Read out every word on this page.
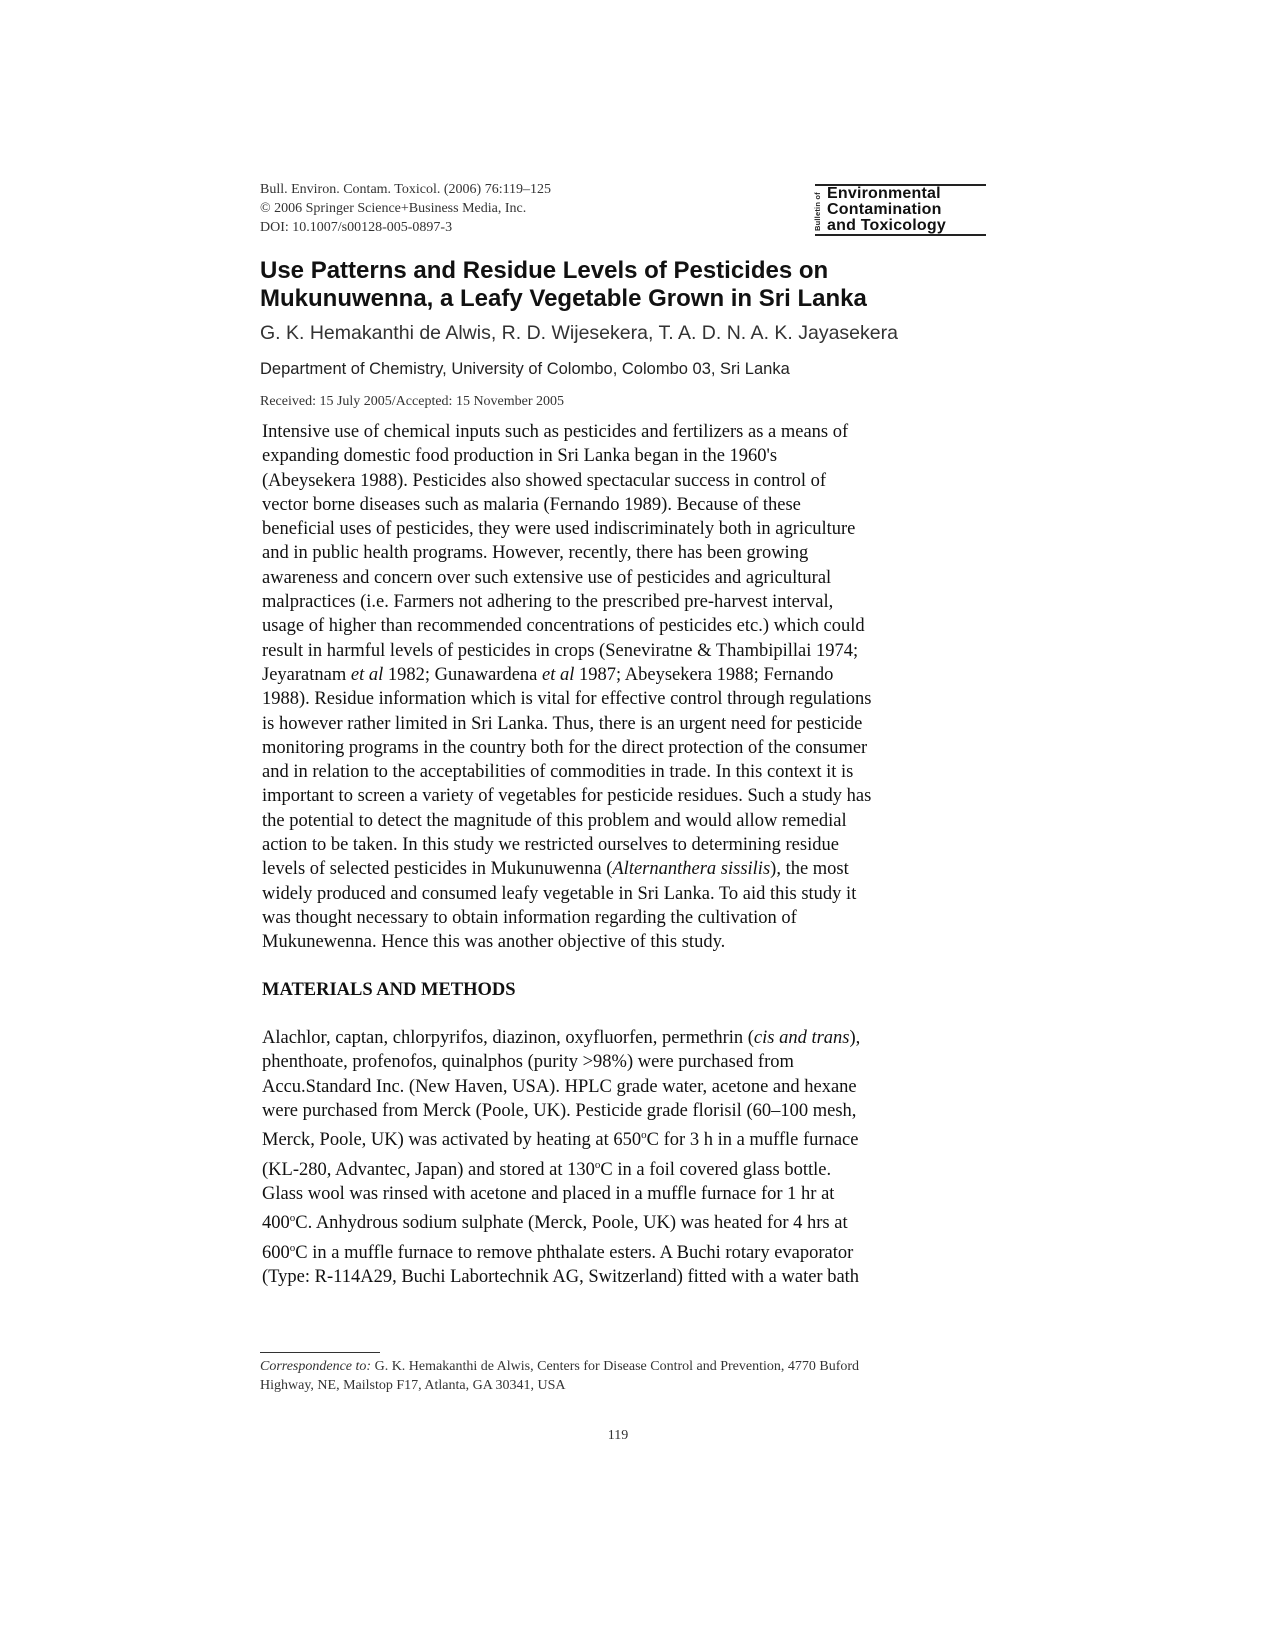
Bull. Environ. Contam. Toxicol. (2006) 76:119–125
© 2006 Springer Science+Business Media, Inc.
DOI: 10.1007/s00128-005-0897-3	Bulletin of Environmental
Contamination
and Toxicology
Use Patterns and Residue Levels of Pesticides on Mukunuwenna, a Leafy Vegetable Grown in Sri Lanka
G. K. Hemakanthi de Alwis, R. D. Wijesekera, T. A. D. N. A. K. Jayasekera
Department of Chemistry, University of Colombo, Colombo 03, Sri Lanka
Received: 15 July 2005/Accepted: 15 November 2005
Intensive use of chemical inputs such as pesticides and fertilizers as a means of
expanding domestic food production in Sri Lanka began in the 1960's
(Abeysekera 1988). Pesticides also showed spectacular success in control of
vector borne diseases such as malaria (Fernando 1989). Because of these
beneficial uses of pesticides, they were used indiscriminately both in agriculture
and in public health programs. However, recently, there has been growing
awareness and concern over such extensive use of pesticides and agricultural
malpractices (i.e. Farmers not adhering to the prescribed pre-harvest interval,
usage of higher than recommended concentrations of pesticides etc.) which could
result in harmful levels of pesticides in crops (Seneviratne & Thambipillai 1974;
Jeyaratnam et al 1982; Gunawardena et al 1987; Abeysekera 1988; Fernando
1988). Residue information which is vital for effective control through regulations
is however rather limited in Sri Lanka. Thus, there is an urgent need for pesticide
monitoring programs in the country both for the direct protection of the consumer
and in relation to the acceptabilities of commodities in trade. In this context it is
important to screen a variety of vegetables for pesticide residues. Such a study has
the potential to detect the magnitude of this problem and would allow remedial
action to be taken. In this study we restricted ourselves to determining residue
levels of selected pesticides in Mukunuwenna (Alternanthera sissilis), the most
widely produced and consumed leafy vegetable in Sri Lanka. To aid this study it
was thought necessary to obtain information regarding the cultivation of
Mukunewenna. Hence this was another objective of this study.
MATERIALS AND METHODS
Alachlor, captan, chlorpyrifos, diazinon, oxyfluorfen, permethrin (cis and trans),
phenthoate, profenofos, quinalphos (purity >98%) were purchased from
Accu.Standard Inc. (New Haven, USA). HPLC grade water, acetone and hexane
were purchased from Merck (Poole, UK). Pesticide grade florisil (60–100 mesh,
Merck, Poole, UK) was activated by heating at 650$^o$C for 3 h in a muffle furnace
(KL-280, Advantec, Japan) and stored at 130$^o$C in a foil covered glass bottle.
Glass wool was rinsed with acetone and placed in a muffle furnace for 1 hr at
400$^o$C. Anhydrous sodium sulphate (Merck, Poole, UK) was heated for 4 hrs at
600$^o$C in a muffle furnace to remove phthalate esters. A Buchi rotary evaporator
(Type: R-114A29, Buchi Labortechnik AG, Switzerland) fitted with a water bath
Correspondence to: G. K. Hemakanthi de Alwis, Centers for Disease Control and Prevention, 4770 Buford
Highway, NE, Mailstop F17, Atlanta, GA 30341, USA
119
